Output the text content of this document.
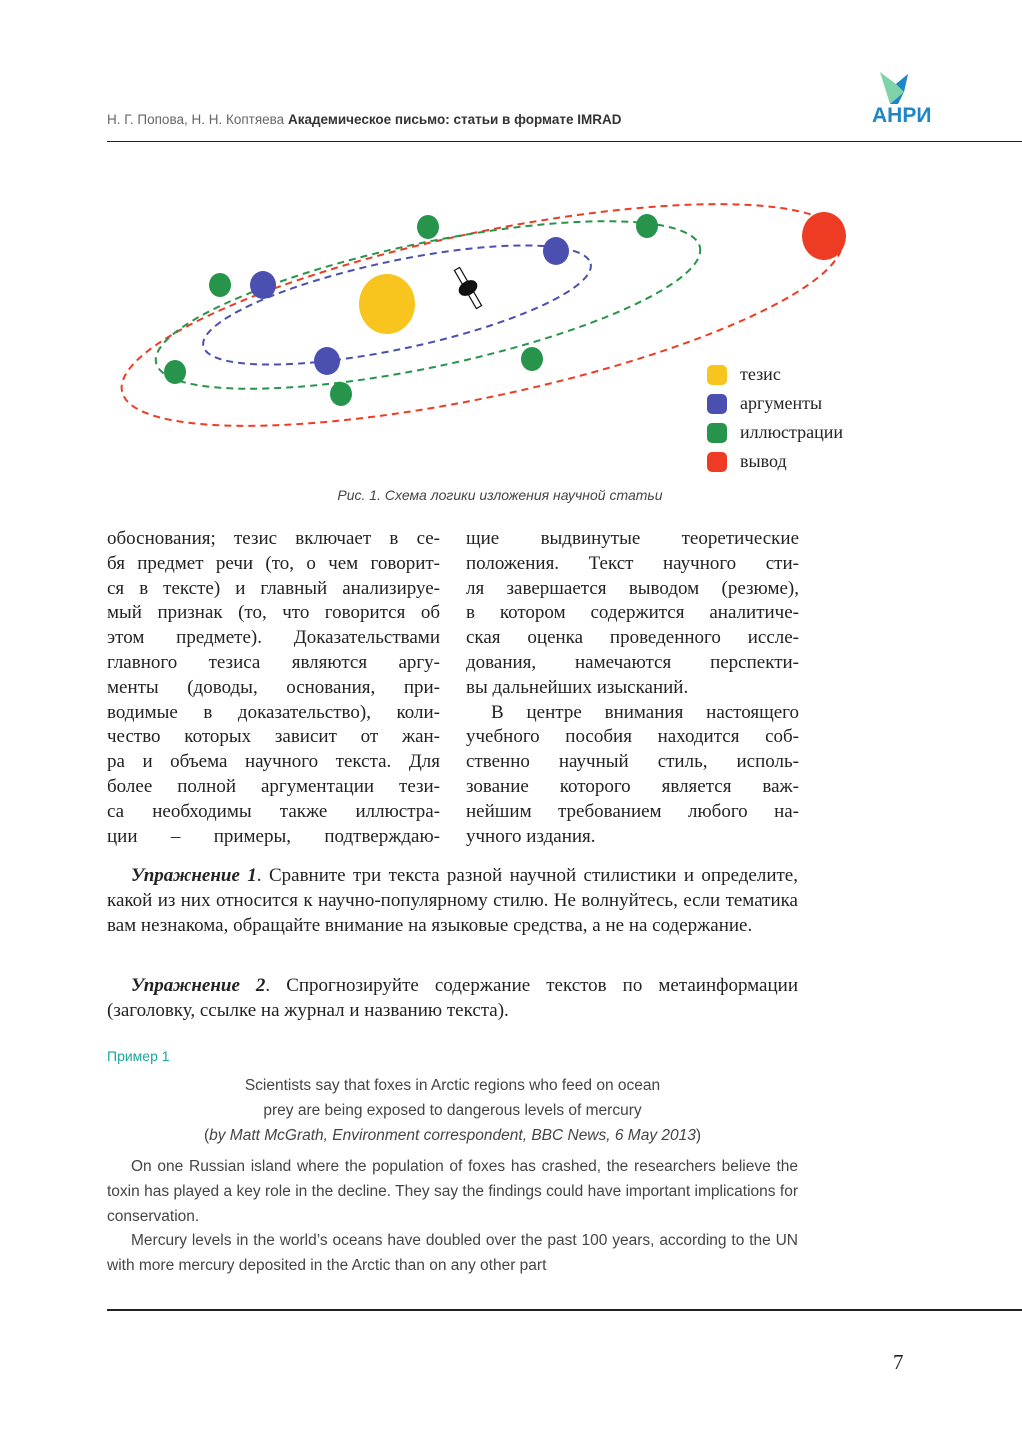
Н. Г. Попова, Н. Н. Коптяева Академическое письмо: статьи в формате IMRAD	АНРИ
тезис
аргументы
иллюстрации
вывод
Рис. 1. Схема логики изложения научной статьи
обоснования; тезис включает в се-
бя предмет речи (то, о чем говорит-
ся в тексте) и главный анализируе-
мый признак (то, что говорится об
этом предмете). Доказательствами
главного тезиса являются аргу-
менты (доводы, основания, при-
водимые в доказательство), коли-
чество которых зависит от жан-
ра и объема научного текста. Для
более полной аргументации тези-
са необходимы также иллюстра-
ции – примеры, подтверждаю-
щие выдвинутые теоретические
положения. Текст научного сти-
ля завершается выводом (резюме),
в котором содержится аналитиче-
ская оценка проведенного иссле-
дования, намечаются перспекти-
вы дальнейших изысканий.
В центре внимания настоящего
учебного пособия находится соб-
ственно научный стиль, исполь-
зование которого является важ-
нейшим требованием любого на-
учного издания.
Упражнение 1. Сравните три текста разной научной стилистики и определите, какой из них относится к научно-популярному стилю. Не волнуйтесь, если тематика вам незнакома, обращайте внимание на языковые средства, а не на содержание.
Упражнение 2. Спрогнозируйте содержание текстов по метаинформации (заголовку, ссылке на журнал и названию текста).
Пример 1
Scientists say that foxes in Arctic regions who feed on ocean
prey are being exposed to dangerous levels of mercury
(by Matt McGrath, Environment correspondent, BBC News, 6 May 2013)
On one Russian island where the population of foxes has crashed, the researchers believe the toxin has played a key role in the decline. They say the findings could have important implications for conservation.
Mercury levels in the world’s oceans have doubled over the past 100 years, according to the UN with more mercury deposited in the Arctic than on any other part
7
